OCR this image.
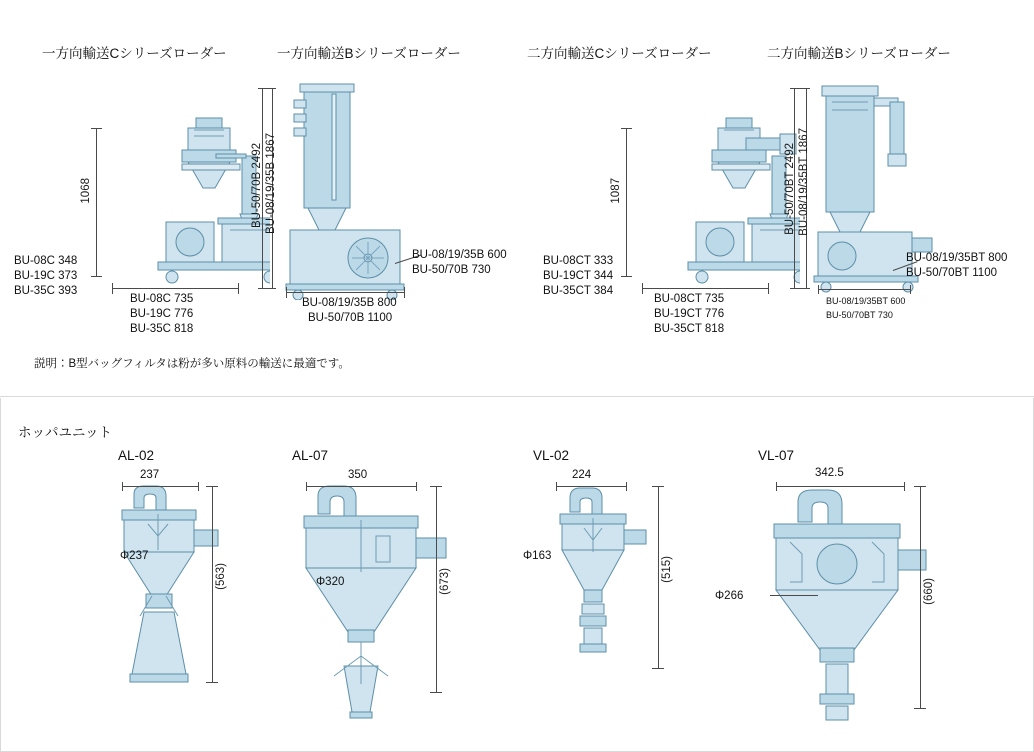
一方向輸送Cシリーズローダー
1068
BU-08C 348
BU-19C 373
BU-35C 393
BU-08C 735
BU-19C 776
BU-35C 818
一方向輸送Bシリーズローダー
BU-08/19/35B 1867
BU-50/70B 2492
BU-08/19/35B 600
BU-50/70B 730
BU-08/19/35B 800
BU-50/70B 1100
二方向輸送Cシリーズローダー
1087
BU-08CT 333
BU-19CT 344
BU-35CT 384
BU-08CT 735
BU-19CT 776
BU-35CT 818
二方向輸送Bシリーズローダー
BU-08/19/35BT 1867
BU-50/70BT 2492
BU-08/19/35BT 800
BU-50/70BT 1100
BU-08/19/35BT 600
BU-50/70BT 730
説明：B型バッグフィルタは粉が多い原料の輸送に最適です。
ホッパユニット
AL-02
237
Φ237
(563)
AL-07
350
Φ320	(673)
VL-02
224
Φ163	(515)
VL-07
342.5
Φ266	(660)
